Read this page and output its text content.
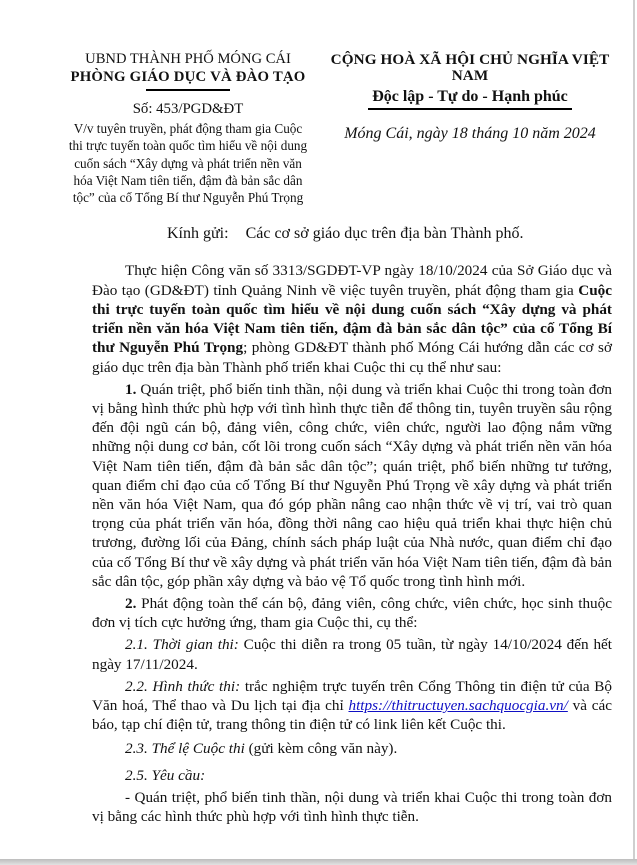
UBND THÀNH PHỐ MÓNG CÁI
PHÒNG GIÁO DỤC VÀ ĐÀO TẠO
Số: 453/PGD&ĐT
V/v tuyên truyền, phát động tham gia Cuộc thi trực tuyến toàn quốc tìm hiểu về nội dung cuốn sách “Xây dựng và phát triển nền văn hóa Việt Nam tiên tiến, đậm đà bản sắc dân tộc” của cố Tổng Bí thư Nguyễn Phú Trọng
CỘNG HOÀ XÃ HỘI CHỦ NGHĨA VIỆT NAM
Độc lập - Tự do - Hạnh phúc
Móng Cái, ngày 18 tháng 10 năm 2024
Kính gửi: Các cơ sở giáo dục trên địa bàn Thành phố.

Thực hiện Công văn số 3313/SGDĐT-VP ngày 18/10/2024 của Sở Giáo dục và Đào tạo (GD&ĐT) tỉnh Quảng Ninh về việc tuyên truyền, phát động tham gia Cuộc thi trực tuyến toàn quốc tìm hiểu về nội dung cuốn sách “Xây dựng và phát triển nền văn hóa Việt Nam tiên tiến, đậm đà bản sắc dân tộc” của cố Tổng Bí thư Nguyễn Phú Trọng; phòng GD&ĐT thành phố Móng Cái hướng dẫn các cơ sở giáo dục trên địa bàn Thành phố triển khai Cuộc thi cụ thể như sau:

1. Quán triệt, phổ biến tinh thần, nội dung và triển khai Cuộc thi trong toàn đơn vị bằng hình thức phù hợp với tình hình thực tiễn để thông tin, tuyên truyền sâu rộng đến đội ngũ cán bộ, đảng viên, công chức, viên chức, người lao động nắm vững những nội dung cơ bản, cốt lõi trong cuốn sách “Xây dựng và phát triển nền văn hóa Việt Nam tiên tiến, đậm đà bản sắc dân tộc”; quán triệt, phổ biến những tư tưởng, quan điểm chỉ đạo của cố Tổng Bí thư Nguyễn Phú Trọng về xây dựng và phát triển nền văn hóa Việt Nam, qua đó góp phần nâng cao nhận thức về vị trí, vai trò quan trọng của phát triển văn hóa, đồng thời nâng cao hiệu quả triển khai thực hiện chủ trương, đường lối của Đảng, chính sách pháp luật của Nhà nước, quan điểm chỉ đạo của cố Tổng Bí thư về xây dựng và phát triển văn hóa Việt Nam tiên tiến, đậm đà bản sắc dân tộc, góp phần xây dựng và bảo vệ Tổ quốc trong tình hình mới.

2. Phát động toàn thể cán bộ, đảng viên, công chức, viên chức, học sinh thuộc đơn vị tích cực hưởng ứng, tham gia Cuộc thi, cụ thể:

2.1. Thời gian thi: Cuộc thi diễn ra trong 05 tuần, từ ngày 14/10/2024 đến hết ngày 17/11/2024.

2.2. Hình thức thi: trắc nghiệm trực tuyến trên Cổng Thông tin điện tử của Bộ Văn hoá, Thể thao và Du lịch tại địa chỉ https://thitructuyen.sachquocgia.vn/ và các báo, tạp chí điện tử, trang thông tin điện tử có link liên kết Cuộc thi.

2.3. Thể lệ Cuộc thi (gửi kèm công văn này).

2.5. Yêu cầu:

- Quán triệt, phổ biến tinh thần, nội dung và triển khai Cuộc thi trong toàn đơn vị bằng các hình thức phù hợp với tình hình thực tiễn.
